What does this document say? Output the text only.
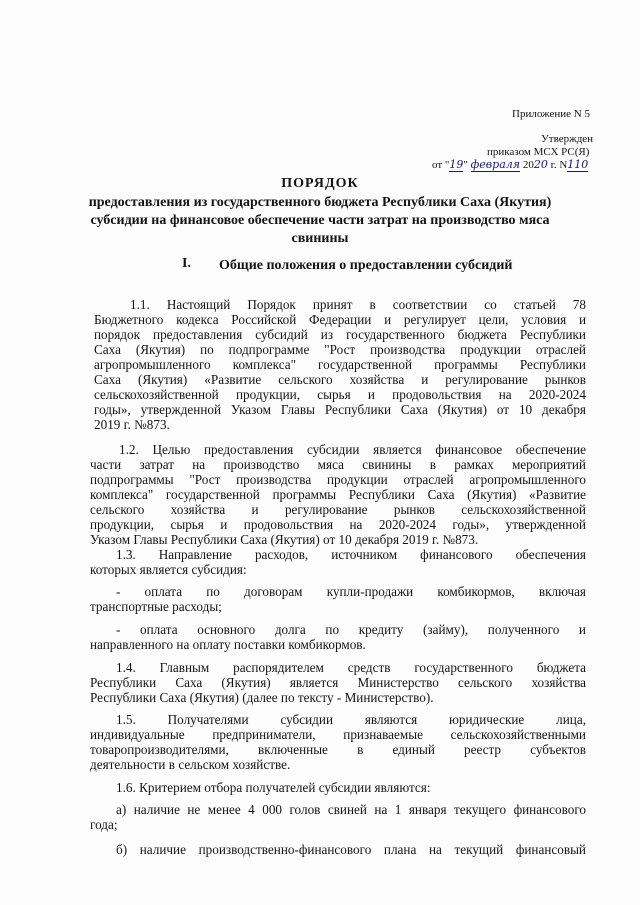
Приложение N 5
Утвержден
приказом МСХ РС(Я)
от "19" февраля 2020 г. N110
ПОРЯДОК
предоставления из государственного бюджета Республики Саха (Якутия)
субсидии на финансовое обеспечение части затрат на производство мяса
свинины
I. Общие положения о предоставлении субсидий
1.1. Настоящий Порядок принят в соответствии со статьей 78
Бюджетного кодекса Российской Федерации и регулирует цели, условия и
порядок предоставления субсидий из государственного бюджета Республики
Саха (Якутия) по подпрограмме "Рост производства продукции отраслей
агропромышленного комплекса" государственной программы Республики
Саха (Якутия) «Развитие сельского хозяйства и регулирование рынков
сельскохозяйственной продукции, сырья и продовольствия на 2020-2024
годы», утвержденной Указом Главы Республики Саха (Якутия) от 10 декабря
2019 г. №873.
1.2. Целью предоставления субсидии является финансовое обеспечение
части затрат на производство мяса свинины в рамках мероприятий
подпрограммы "Рост производства продукции отраслей агропромышленного
комплекса" государственной программы Республики Саха (Якутия) «Развитие
сельского хозяйства и регулирование рынков сельскохозяйственной
продукции, сырья и продовольствия на 2020-2024 годы», утвержденной
Указом Главы Республики Саха (Якутия) от 10 декабря 2019 г. №873.
1.3. Направление расходов, источником финансового обеспечения
которых является субсидия:
- оплата по договорам купли-продажи комбикормов, включая
транспортные расходы;
- оплата основного долга по кредиту (займу), полученного и
направленного на оплату поставки комбикормов.
1.4. Главным распорядителем средств государственного бюджета
Республики Саха (Якутия) является Министерство сельского хозяйства
Республики Саха (Якутия) (далее по тексту - Министерство).
1.5. Получателями субсидии являются юридические лица,
индивидуальные предприниматели, признаваемые сельскохозяйственными
товаропроизводителями, включенные в единый реестр субъектов
деятельности в сельском хозяйстве.
1.6. Критерием отбора получателей субсидии являются:
а) наличие не менее 4 000 голов свиней на 1 января текущего финансового
года;
б) наличие производственно-финансового плана на текущий финансовый
